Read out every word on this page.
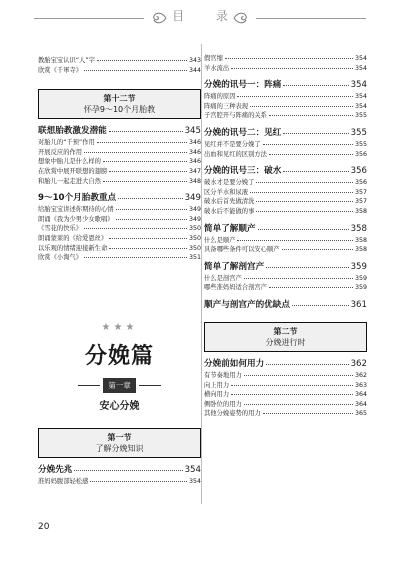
目 录
教胎宝宝认识“人”字	343
欣赏《千軍寺》	344
第十二节
怀孕9～10个月胎教
联想胎教激发潜能	345
对胎儿的“千预”作用	346
开展反应的作用	346
想象中胎儿是什么样的	346
在欣赏中展开联想的翅膀	347
和胎儿一起走进大自然	348
9～10个月胎教重点	349
给胎宝宝讲述你期待的心情	349
朗诵《我为少男少女歌唱》	349
《雪花的快乐》	350
朗诵蒙莱的《给爱恩丝》	350
以乐观的情绪迎接新生命	350
欣赏《小淘气》	351
★★★
分娩篇
第一章
安心分娩
第一节
了解分娩知识
分娩先兆	354
准妈妈腹部轻松感	354
假官缩	354
羊水流出	354
分娩的讯号一：阵痛	354
阵痛的原因	354
阵痛的三种表现	354
子宫腔开与阵痛的关系	355
分娩的讯号二：见红	355
见红并不是要分娩了	355
出血和见红的区别方法	356
分娩的讯号三：破水	356
破水才是要分娩了	356
区分羊水和尿液	357
破水后首先做清洗	357
破水后不能做的事	358
简单了解顺产	358
什么是顺产	358
具备哪些条件可以安心顺产	358
简单了解剖宫产	359
什么是剖宫产	359
哪些准妈妈适合剖宫产	359
顺产与剖宫产的优缺点	361
第二节
分娩进行时
分娩前如何用力	362
有节奏地用力	362
向上用力	363
横向用力	364
侧卧位的用力	364
其他分娩姿势的用力	365
20
